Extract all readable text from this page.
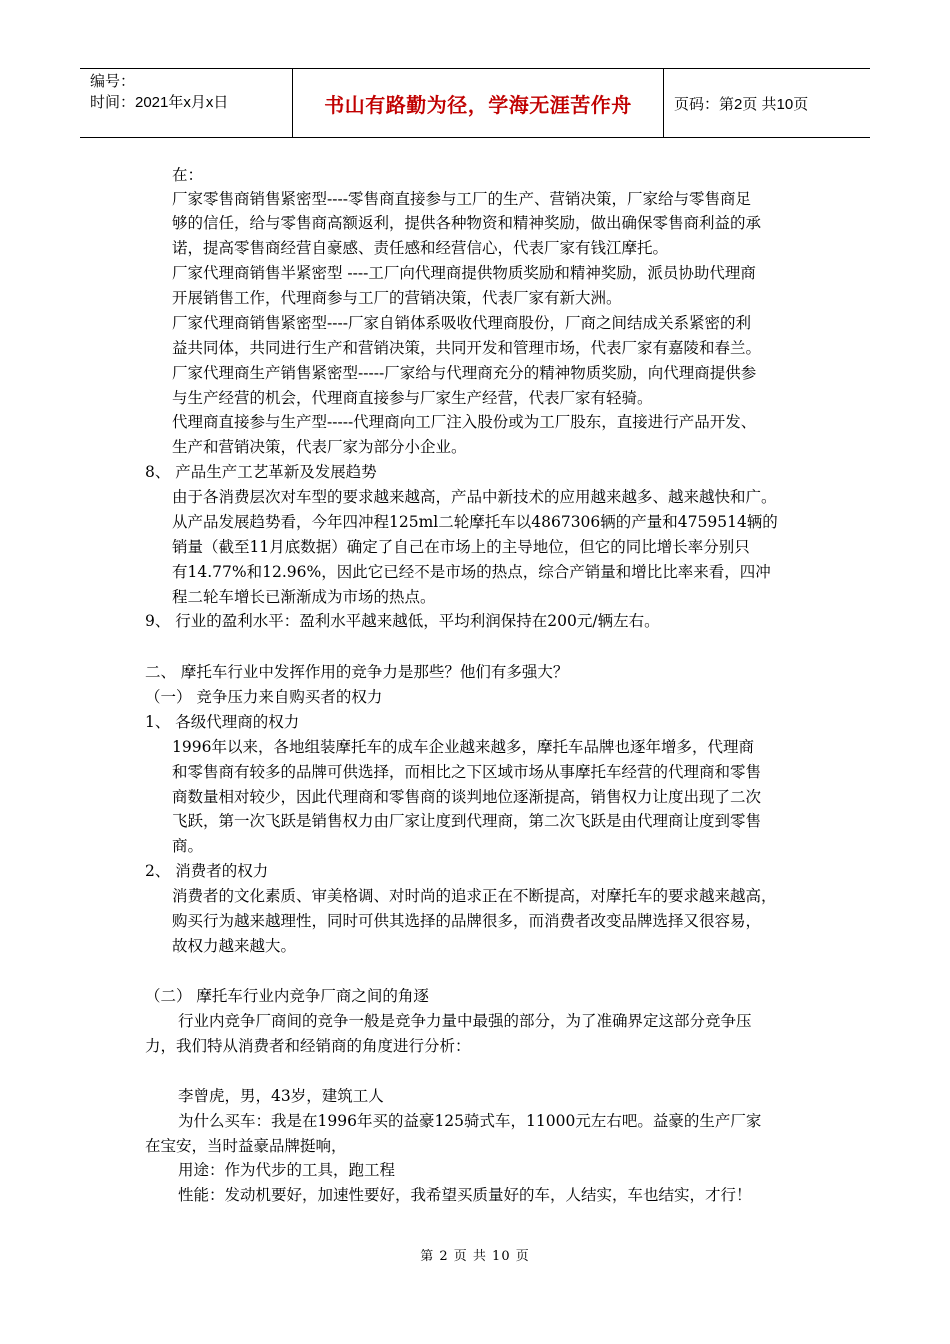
编号：
时间：2021年x月x日	书山有路勤为径，学海无涯苦作舟	页码：第2页 共10页
在：
厂家零售商销售紧密型----零售商直接参与工厂的生产、营销决策，厂家给与零售商足
够的信任，给与零售商高额返利，提供各种物资和精神奖励，做出确保零售商利益的承
诺，提高零售商经营自豪感、责任感和经营信心，代表厂家有钱江摩托。
厂家代理商销售半紧密型 ----工厂向代理商提供物质奖励和精神奖励，派员协助代理商
开展销售工作，代理商参与工厂的营销决策，代表厂家有新大洲。
厂家代理商销售紧密型----厂家自销体系吸收代理商股份，厂商之间结成关系紧密的利
益共同体，共同进行生产和营销决策，共同开发和管理市场，代表厂家有嘉陵和春兰。
厂家代理商生产销售紧密型-----厂家给与代理商充分的精神物质奖励，向代理商提供参
与生产经营的机会，代理商直接参与厂家生产经营，代表厂家有轻骑。
代理商直接参与生产型-----代理商向工厂注入股份或为工厂股东，直接进行产品开发、
生产和营销决策，代表厂家为部分小企业。
8、 产品生产工艺革新及发展趋势
由于各消费层次对车型的要求越来越高，产品中新技术的应用越来越多、越来越快和广。
从产品发展趋势看，今年四冲程125ml二轮摩托车以4867306辆的产量和4759514辆的
销量（截至11月底数据）确定了自己在市场上的主导地位，但它的同比增长率分别只
有14.77%和12.96%，因此它已经不是市场的热点，综合产销量和增比比率来看，四冲
程二轮车增长已渐渐成为市场的热点。
9、 行业的盈利水平：盈利水平越来越低，平均利润保持在200元/辆左右。
二、 摩托车行业中发挥作用的竞争力是那些？他们有多强大？
（一） 竞争压力来自购买者的权力
1、 各级代理商的权力
1996年以来，各地组装摩托车的成车企业越来越多，摩托车品牌也逐年增多，代理商
和零售商有较多的品牌可供选择，而相比之下区域市场从事摩托车经营的代理商和零售
商数量相对较少，因此代理商和零售商的谈判地位逐渐提高，销售权力让度出现了二次
飞跃，第一次飞跃是销售权力由厂家让度到代理商，第二次飞跃是由代理商让度到零售
商。
2、 消费者的权力
消费者的文化素质、审美格调、对时尚的追求正在不断提高，对摩托车的要求越来越高，
购买行为越来越理性，同时可供其选择的品牌很多，而消费者改变品牌选择又很容易，
故权力越来越大。
（二） 摩托车行业内竞争厂商之间的角逐
行业内竞争厂商间的竞争一般是竞争力量中最强的部分，为了准确界定这部分竞争压
力，我们特从消费者和经销商的角度进行分析：
李曾虎，男，43岁，建筑工人
为什么买车：我是在1996年买的益豪125骑式车，11000元左右吧。益豪的生产厂家
在宝安，当时益豪品牌挺响，
用途：作为代步的工具，跑工程
性能：发动机要好，加速性要好，我希望买质量好的车，人结实，车也结实，才行！
第 2 页 共 10 页
